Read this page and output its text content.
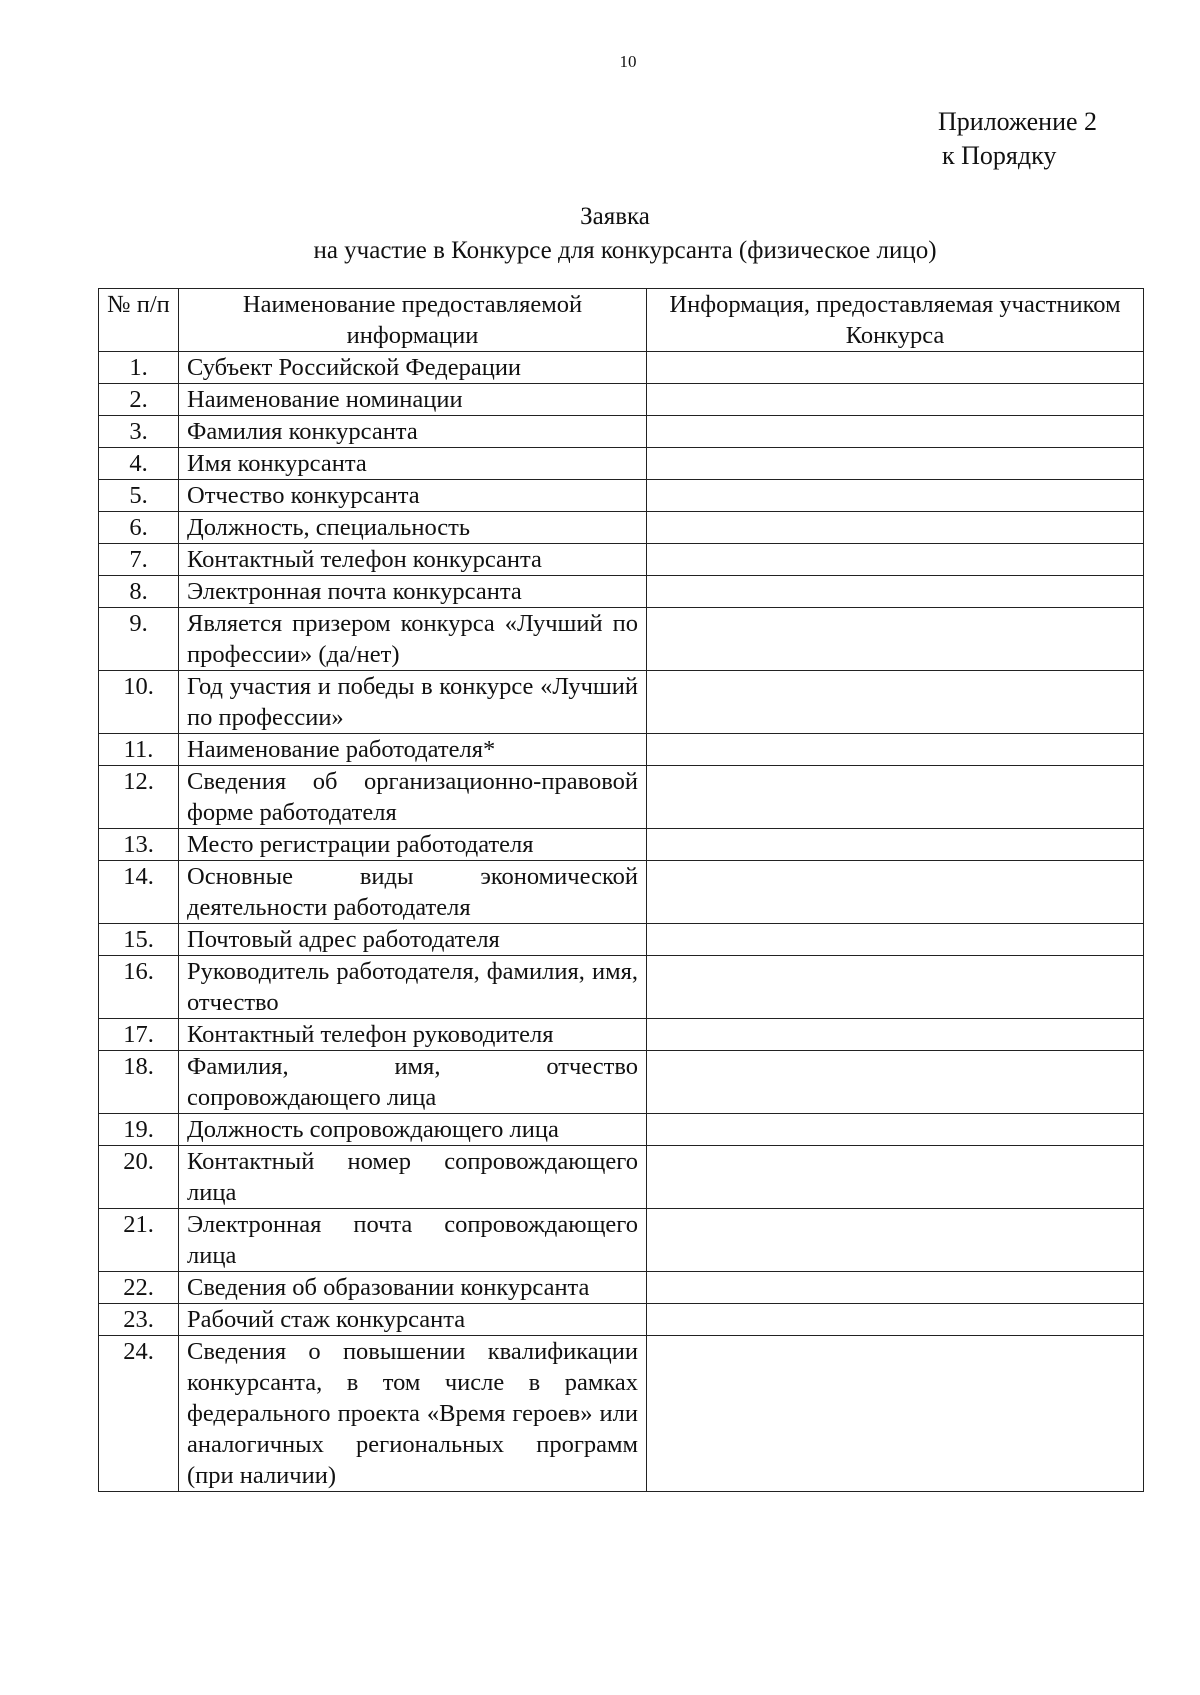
10
Приложение 2
к Порядку
Заявка
на участие в Конкурсе для конкурсанта (физическое лицо)
№ п/п	Наименование предоставляемой информации	Информация, предоставляемая участником Конкурса
1.	Субъект Российской Федерации	
2.	Наименование номинации	
3.	Фамилия конкурсанта	
4.	Имя конкурсанта	
5.	Отчество конкурсанта	
6.	Должность, специальность	
7.	Контактный телефон конкурсанта	
8.	Электронная почта конкурсанта	
9.	Является призером конкурса «Лучший по профессии» (да/нет)	
10.	Год участия и победы в конкурсе «Лучший по профессии»	
11.	Наименование работодателя*	
12.	Сведения об организационно-правовой форме работодателя	
13.	Место регистрации работодателя	
14.	Основные виды экономической деятельности работодателя	
15.	Почтовый адрес работодателя	
16.	Руководитель работодателя, фамилия, имя, отчество	
17.	Контактный телефон руководителя	
18.	Фамилия, имя, отчество сопровождающего лица	
19.	Должность сопровождающего лица	
20.	Контактный номер сопровождающего лица	
21.	Электронная почта сопровождающего лица	
22.	Сведения об образовании конкурсанта	
23.	Рабочий стаж конкурсанта	
24.	Сведения о повышении квалификации конкурсанта, в том числе в рамках федерального проекта «Время героев» или аналогичных региональных программ (при наличии)	
